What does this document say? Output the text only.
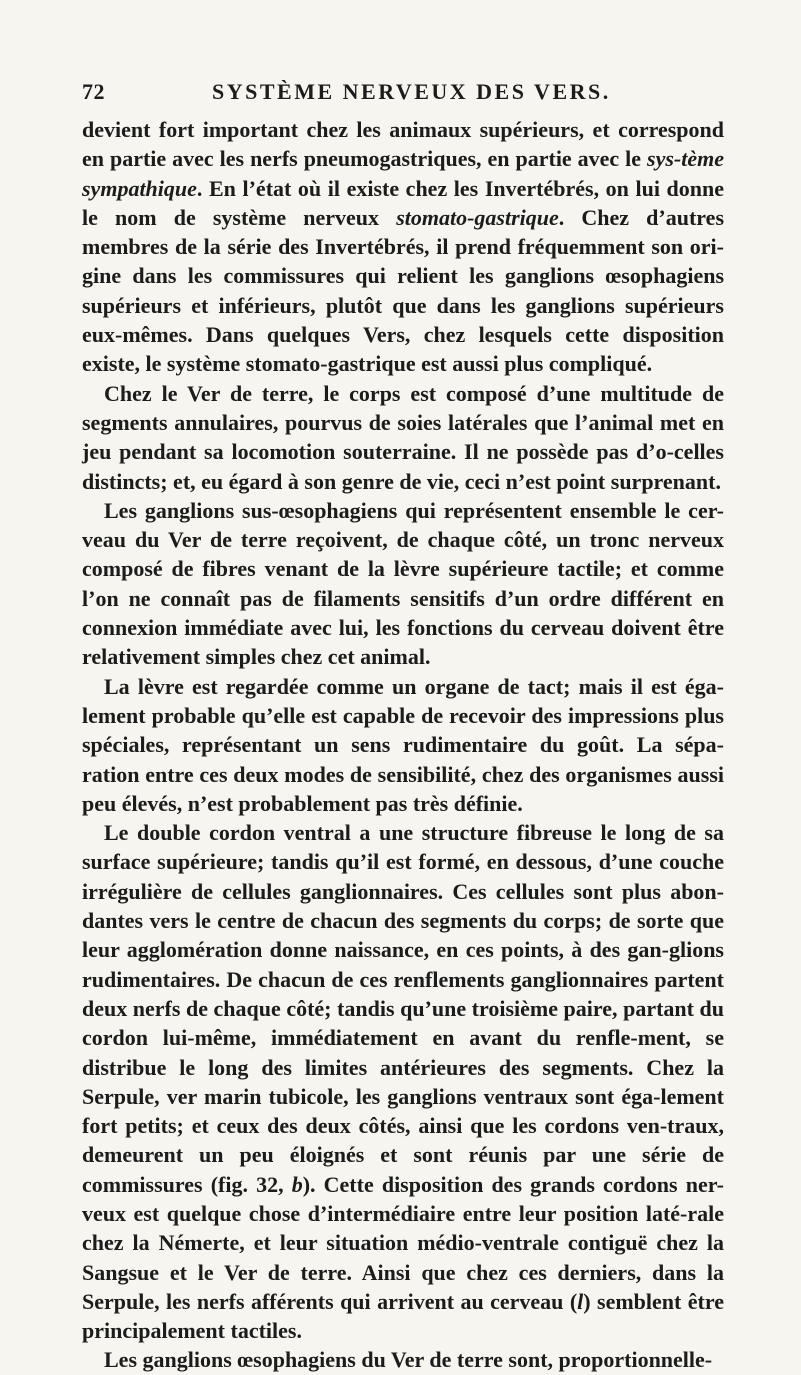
72	SYSTÈME NERVEUX DES VERS.

devient fort important chez les animaux supérieurs, et correspond en partie avec les nerfs pneumogastriques, en partie avec le sys-tème sympathique. En l’état où il existe chez les Invertébrés, on lui donne le nom de système nerveux stomato-gastrique. Chez d’autres membres de la série des Invertébrés, il prend fréquemment son ori-gine dans les commissures qui relient les ganglions œsophagiens supérieurs et inférieurs, plutôt que dans les ganglions supérieurs eux-mêmes. Dans quelques Vers, chez lesquels cette disposition existe, le système stomato-gastrique est aussi plus compliqué.

Chez le Ver de terre, le corps est composé d’une multitude de segments annulaires, pourvus de soies latérales que l’animal met en jeu pendant sa locomotion souterraine. Il ne possède pas d’o-celles distincts; et, eu égard à son genre de vie, ceci n’est point surprenant.

Les ganglions sus-œsophagiens qui représentent ensemble le cer-veau du Ver de terre reçoivent, de chaque côté, un tronc nerveux composé de fibres venant de la lèvre supérieure tactile; et comme l’on ne connaît pas de filaments sensitifs d’un ordre différent en connexion immédiate avec lui, les fonctions du cerveau doivent être relativement simples chez cet animal.

La lèvre est regardée comme un organe de tact; mais il est éga-lement probable qu’elle est capable de recevoir des impressions plus spéciales, représentant un sens rudimentaire du goût. La sépa-ration entre ces deux modes de sensibilité, chez des organismes aussi peu élevés, n’est probablement pas très définie.

Le double cordon ventral a une structure fibreuse le long de sa surface supérieure; tandis qu’il est formé, en dessous, d’une couche irrégulière de cellules ganglionnaires. Ces cellules sont plus abon-dantes vers le centre de chacun des segments du corps; de sorte que leur agglomération donne naissance, en ces points, à des gan-glions rudimentaires. De chacun de ces renflements ganglionnaires partent deux nerfs de chaque côté; tandis qu’une troisième paire, partant du cordon lui-même, immédiatement en avant du renfle-ment, se distribue le long des limites antérieures des segments. Chez la Serpule, ver marin tubicole, les ganglions ventraux sont éga-lement fort petits; et ceux des deux côtés, ainsi que les cordons ven-traux, demeurent un peu éloignés et sont réunis par une série de commissures (fig. 32, b). Cette disposition des grands cordons ner-veux est quelque chose d’intermédiaire entre leur position laté-rale chez la Némerte, et leur situation médio-ventrale contiguë chez la Sangsue et le Ver de terre. Ainsi que chez ces derniers, dans la Serpule, les nerfs afférents qui arrivent au cerveau (l) semblent être principalement tactiles.

Les ganglions œsophagiens du Ver de terre sont, proportionnelle-
